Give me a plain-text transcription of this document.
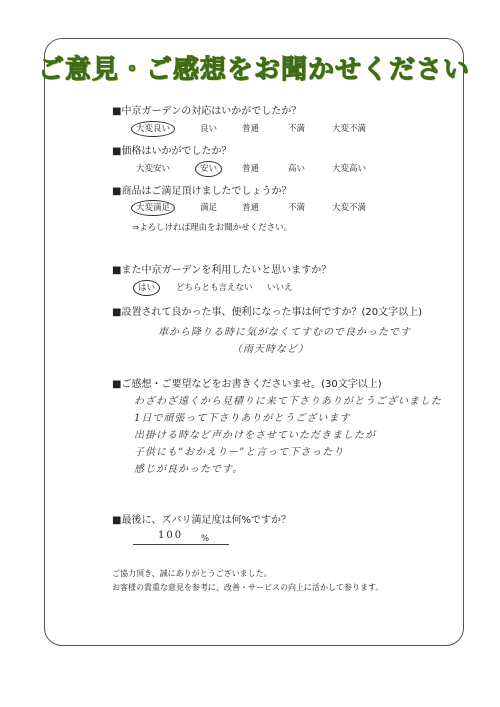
ご意見・ご感想をお聞かせください
■中京ガーデンの対応はいかがでしたか？
大変良い	良い	普通	不満	大変不満
■価格はいかがでしたか？
大変安い	安い	普通	高い	大変高い
■商品はご満足頂けましたでしょうか？
大変満足	満足	普通	不満	大変不満
⇒よろしければ理由をお聞かせください。
■また中京ガーデンを利用したいと思いますか？
はい どちらとも言えない いいえ
■設置されて良かった事、便利になった事は何ですか？(20文字以上)
車から降りる時に気がなくてすむので良かったです
（雨天時など）
■ご感想・ご要望などをお書きくださいませ。(30文字以上)
わざわざ遠くから見積りに来て下さりありがとうございました
1日で頑張って下さりありがとうございます
出掛ける時など声かけをさせていただきましたが
子供にも“おかえりー”と言って下さったり
感じが良かったです。
■最後に、ズバリ満足度は何%ですか？
100 %
ご協力頂き、誠にありがとうございました。
お客様の貴重な意見を参考に、改善・サービスの向上に活かして参ります。
